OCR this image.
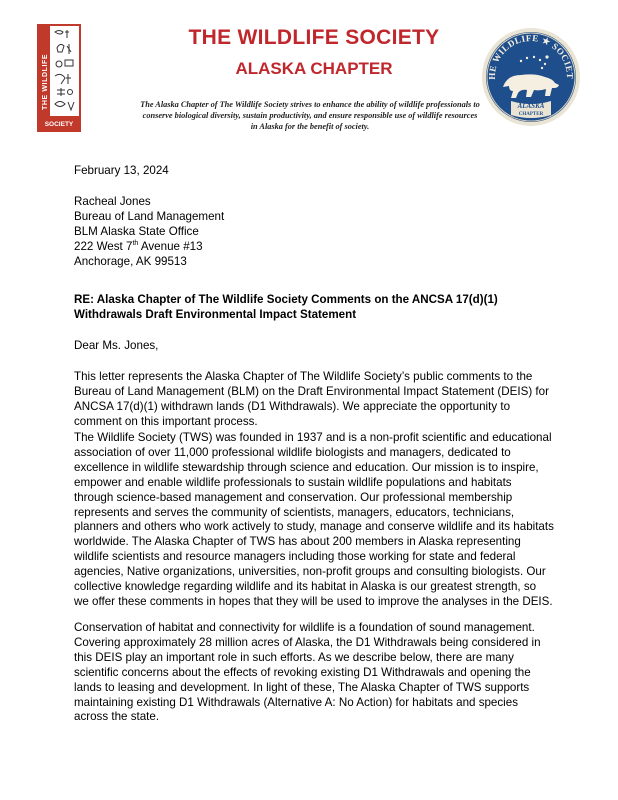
THE WILDLIFE
SOCIETY
THE WILDLIFE SOCIETY
ALASKA CHAPTER
The Alaska Chapter of The Wildlife Society strives to enhance the ability of wildlife professionals to conserve biological diversity, sustain productivity, and ensure responsible use of wildlife resources in Alaska for the benefit of society.
HE WILDLIFE ★ SOCIET
ALASKA
CHAPTER
February 13, 2024
Racheal Jones
Bureau of Land Management
BLM Alaska State Office
222 West 7th Avenue #13
Anchorage, AK 99513
RE: Alaska Chapter of The Wildlife Society Comments on the ANCSA 17(d)(1)
Withdrawals Draft Environmental Impact Statement
Dear Ms. Jones,
This letter represents the Alaska Chapter of The Wildlife Society’s public comments to the Bureau of Land Management (BLM) on the Draft Environmental Impact Statement (DEIS) for ANCSA 17(d)(1) withdrawn lands (D1 Withdrawals). We appreciate the opportunity to comment on this important process.
The Wildlife Society (TWS) was founded in 1937 and is a non-profit scientific and educational association of over 11,000 professional wildlife biologists and managers, dedicated to excellence in wildlife stewardship through science and education. Our mission is to inspire, empower and enable wildlife professionals to sustain wildlife populations and habitats through science-based management and conservation. Our professional membership represents and serves the community of scientists, managers, educators, technicians, planners and others who work actively to study, manage and conserve wildlife and its habitats worldwide. The Alaska Chapter of TWS has about 200 members in Alaska representing wildlife scientists and resource managers including those working for state and federal agencies, Native organizations, universities, non-profit groups and consulting biologists. Our collective knowledge regarding wildlife and its habitat in Alaska is our greatest strength, so we offer these comments in hopes that they will be used to improve the analyses in the DEIS.
Conservation of habitat and connectivity for wildlife is a foundation of sound management. Covering approximately 28 million acres of Alaska, the D1 Withdrawals being considered in this DEIS play an important role in such efforts. As we describe below, there are many scientific concerns about the effects of revoking existing D1 Withdrawals and opening the lands to leasing and development. In light of these, The Alaska Chapter of TWS supports maintaining existing D1 Withdrawals (Alternative A: No Action) for habitats and species across the state.
